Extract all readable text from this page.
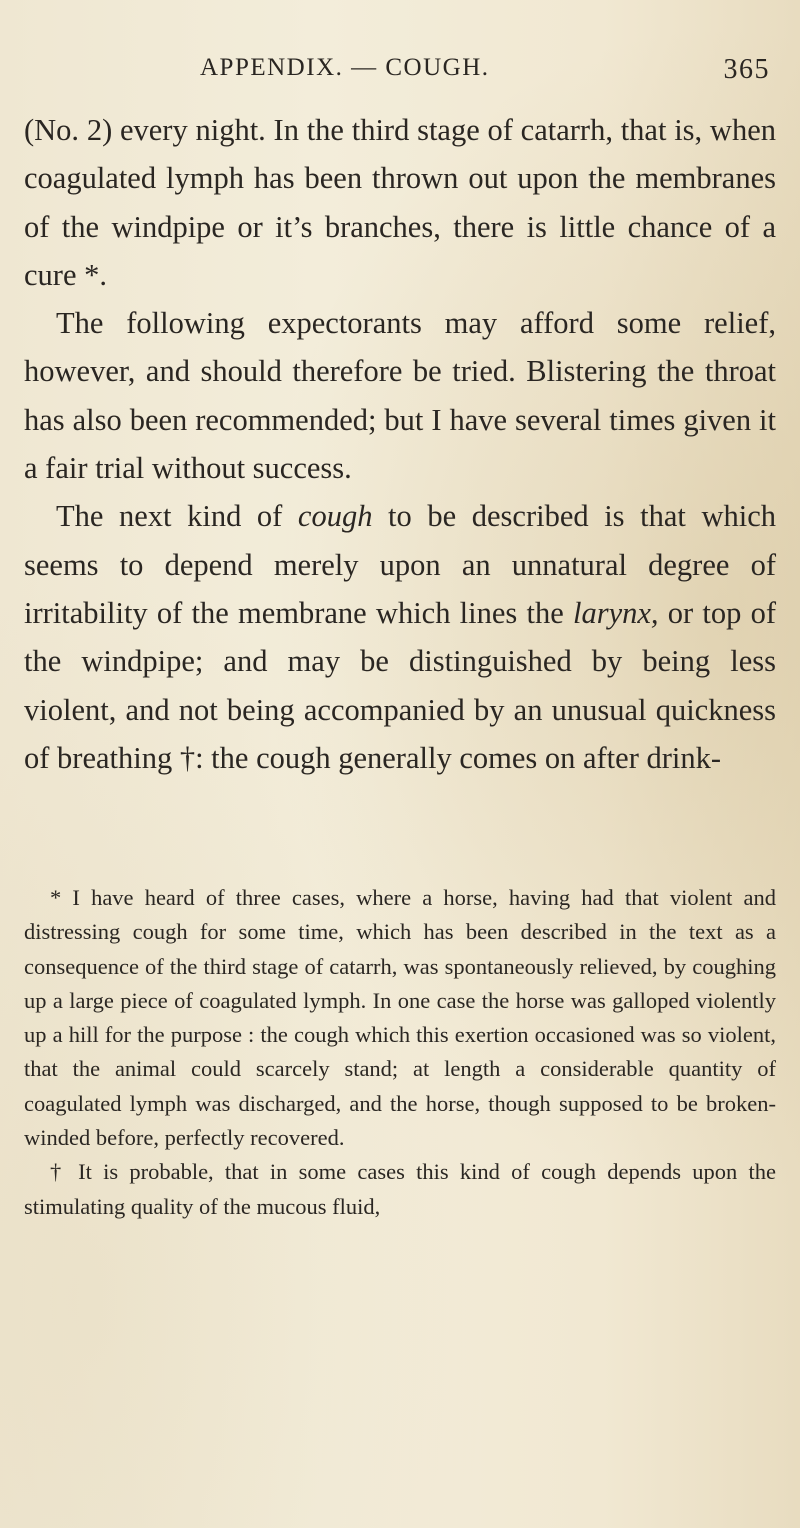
APPENDIX. — COUGH.	365

(No. 2) every night. In the third stage of catarrh, that is, when coagulated lymph has been thrown out upon the membranes of the windpipe or it’s branches, there is little chance of a cure *.

The following expectorants may afford some relief, however, and should therefore be tried. Blistering the throat has also been recommended; but I have several times given it a fair trial without success.

The next kind of cough to be described is that which seems to depend merely upon an unnatural degree of irritability of the membrane which lines the larynx, or top of the windpipe; and may be distinguished by being less violent, and not being accompanied by an unusual quickness of breathing †: the cough generally comes on after drink-

* I have heard of three cases, where a horse, having had that violent and distressing cough for some time, which has been described in the text as a consequence of the third stage of catarrh, was spontaneously relieved, by coughing up a large piece of coagulated lymph. In one case the horse was galloped violently up a hill for the purpose : the cough which this exertion occasioned was so violent, that the animal could scarcely stand; at length a considerable quantity of coagulated lymph was discharged, and the horse, though supposed to be broken-winded before, perfectly recovered.

† It is probable, that in some cases this kind of cough depends upon the stimulating quality of the mucous fluid,
